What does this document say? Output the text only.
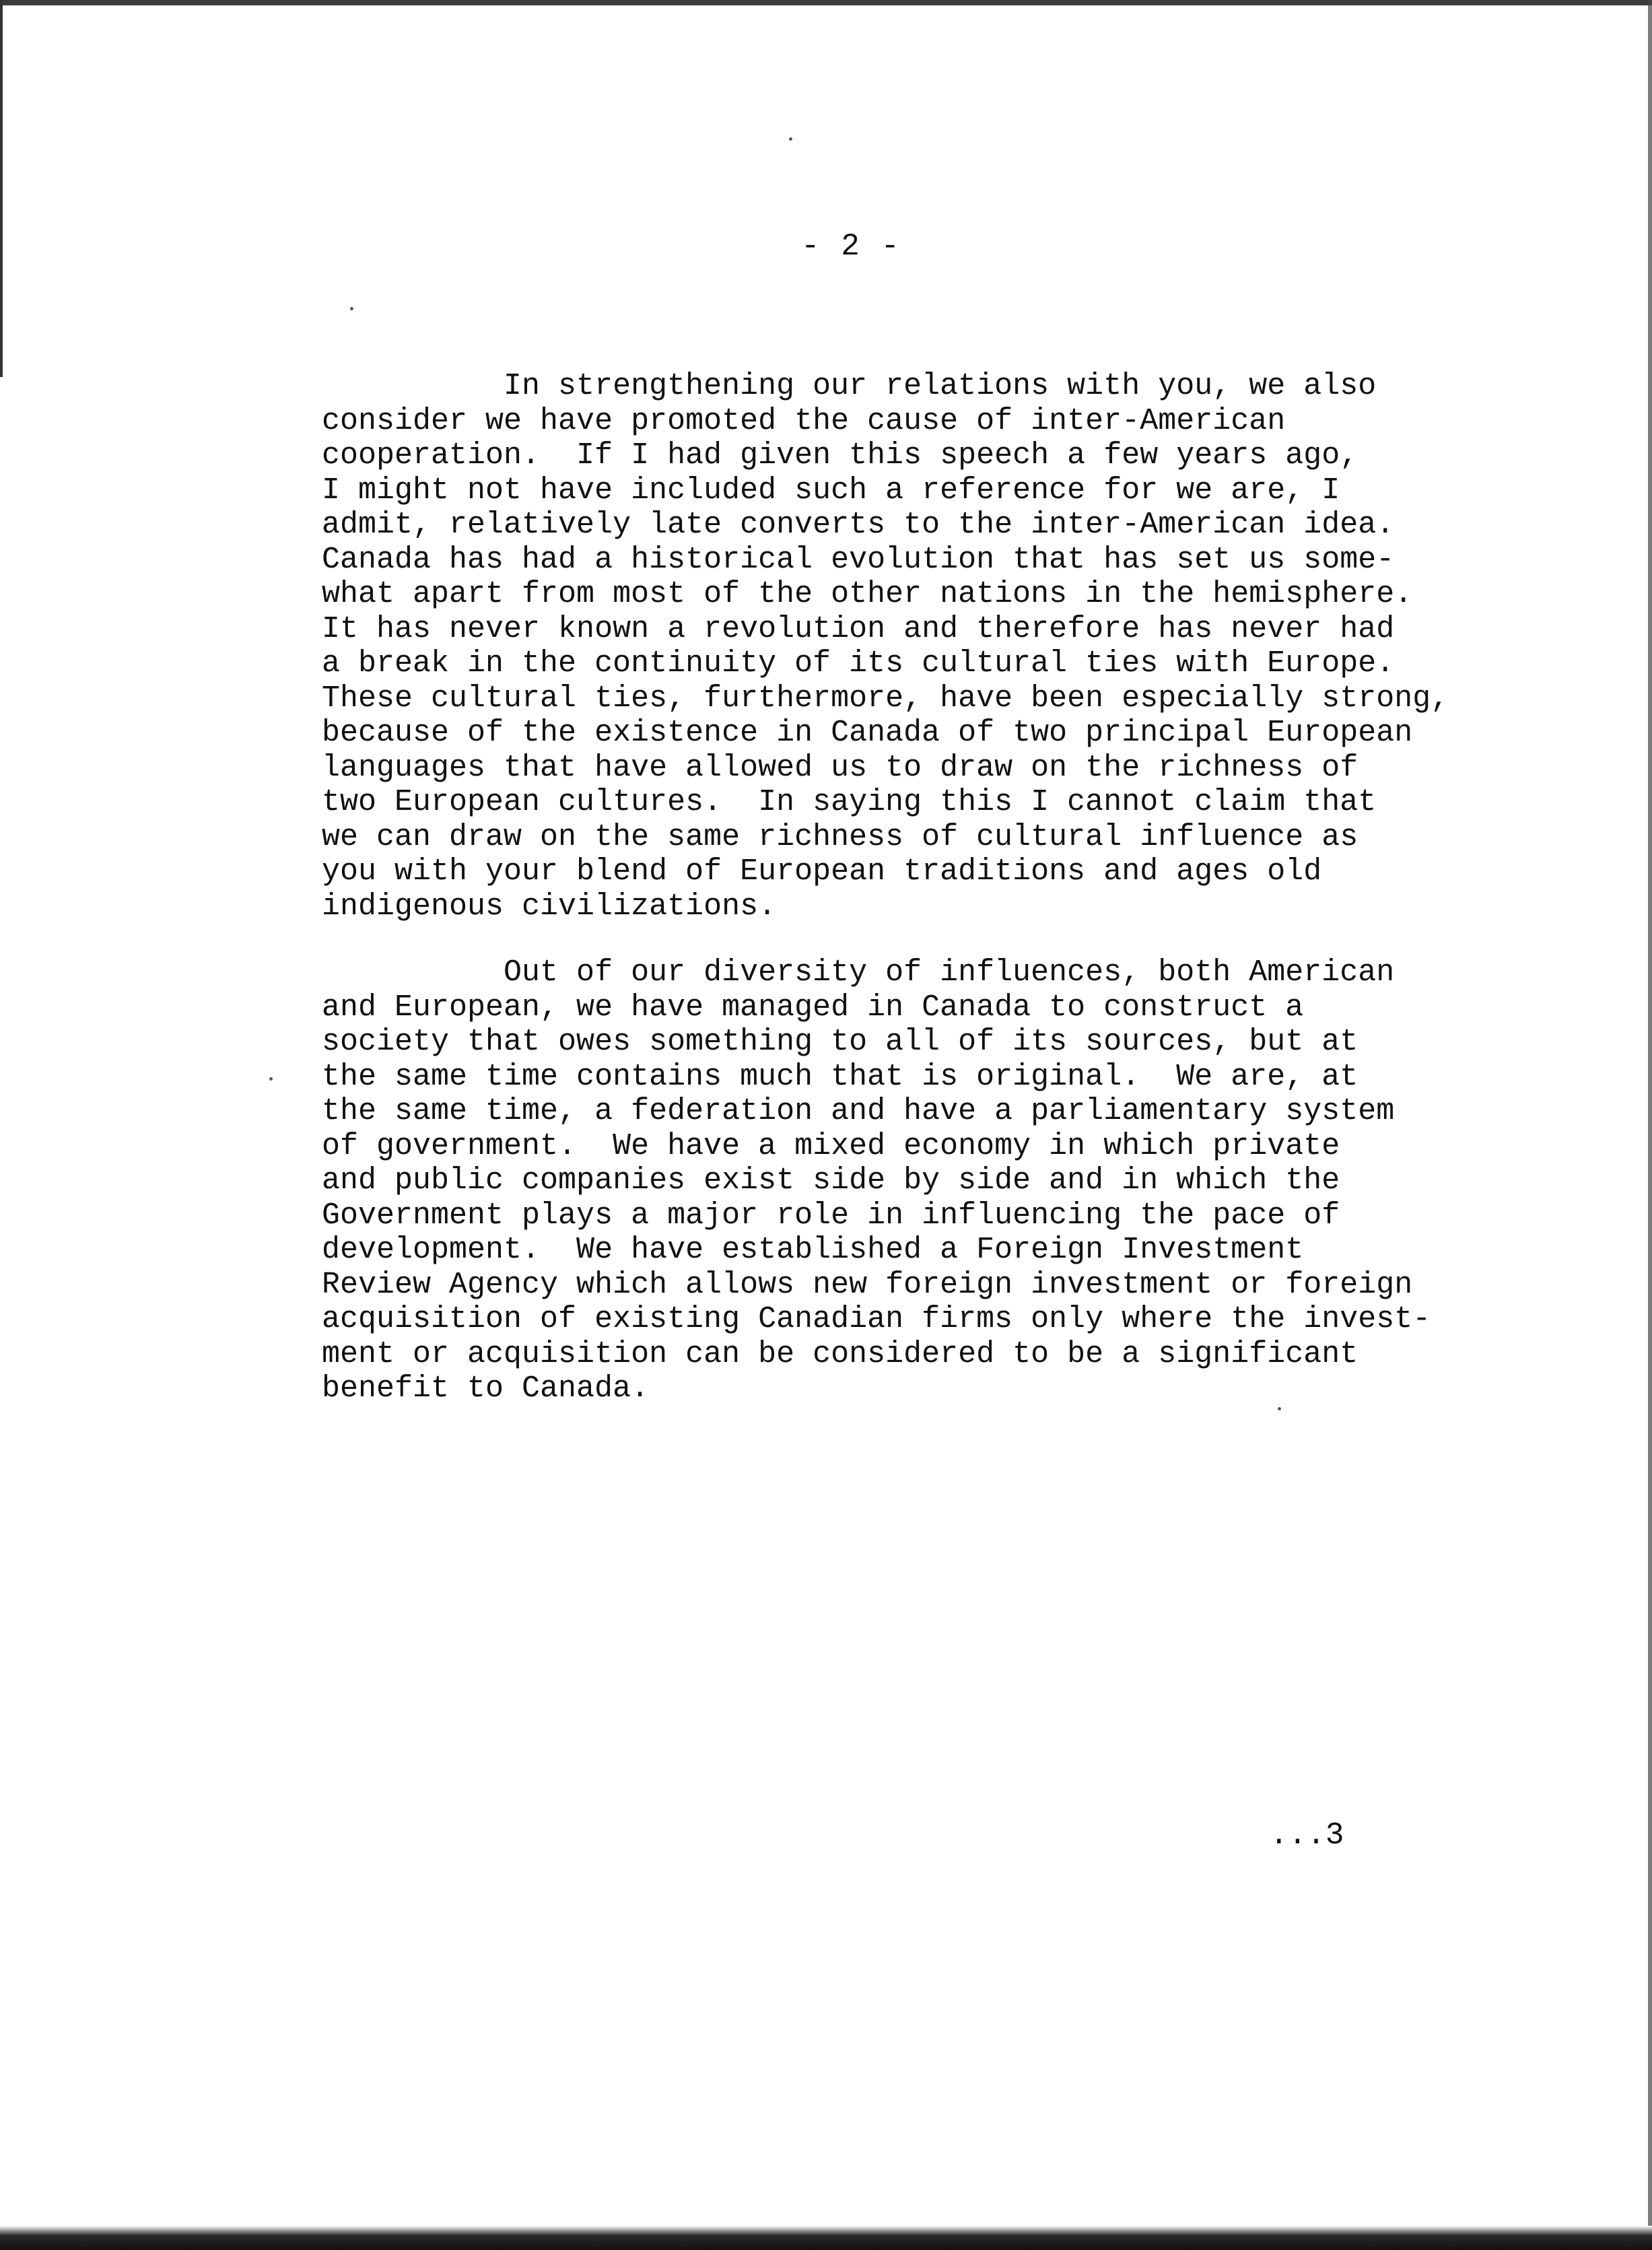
- 2 -

In strengthening our relations with you, we also
consider we have promoted the cause of inter-American
cooperation.  If I had given this speech a few years ago,
I might not have included such a reference for we are, I
admit, relatively late converts to the inter-American idea.
Canada has had a historical evolution that has set us some-
what apart from most of the other nations in the hemisphere.
It has never known a revolution and therefore has never had
a break in the continuity of its cultural ties with Europe.
These cultural ties, furthermore, have been especially strong,
because of the existence in Canada of two principal European
languages that have allowed us to draw on the richness of
two European cultures.  In saying this I cannot claim that
we can draw on the same richness of cultural influence as
you with your blend of European traditions and ages old
indigenous civilizations.
Out of our diversity of influences, both American
and European, we have managed in Canada to construct a
society that owes something to all of its sources, but at
the same time contains much that is original.  We are, at
the same time, a federation and have a parliamentary system
of government.  We have a mixed economy in which private
and public companies exist side by side and in which the
Government plays a major role in influencing the pace of
development.  We have established a Foreign Investment
Review Agency which allows new foreign investment or foreign
acquisition of existing Canadian firms only where the invest-
ment or acquisition can be considered to be a significant
benefit to Canada.

...3
